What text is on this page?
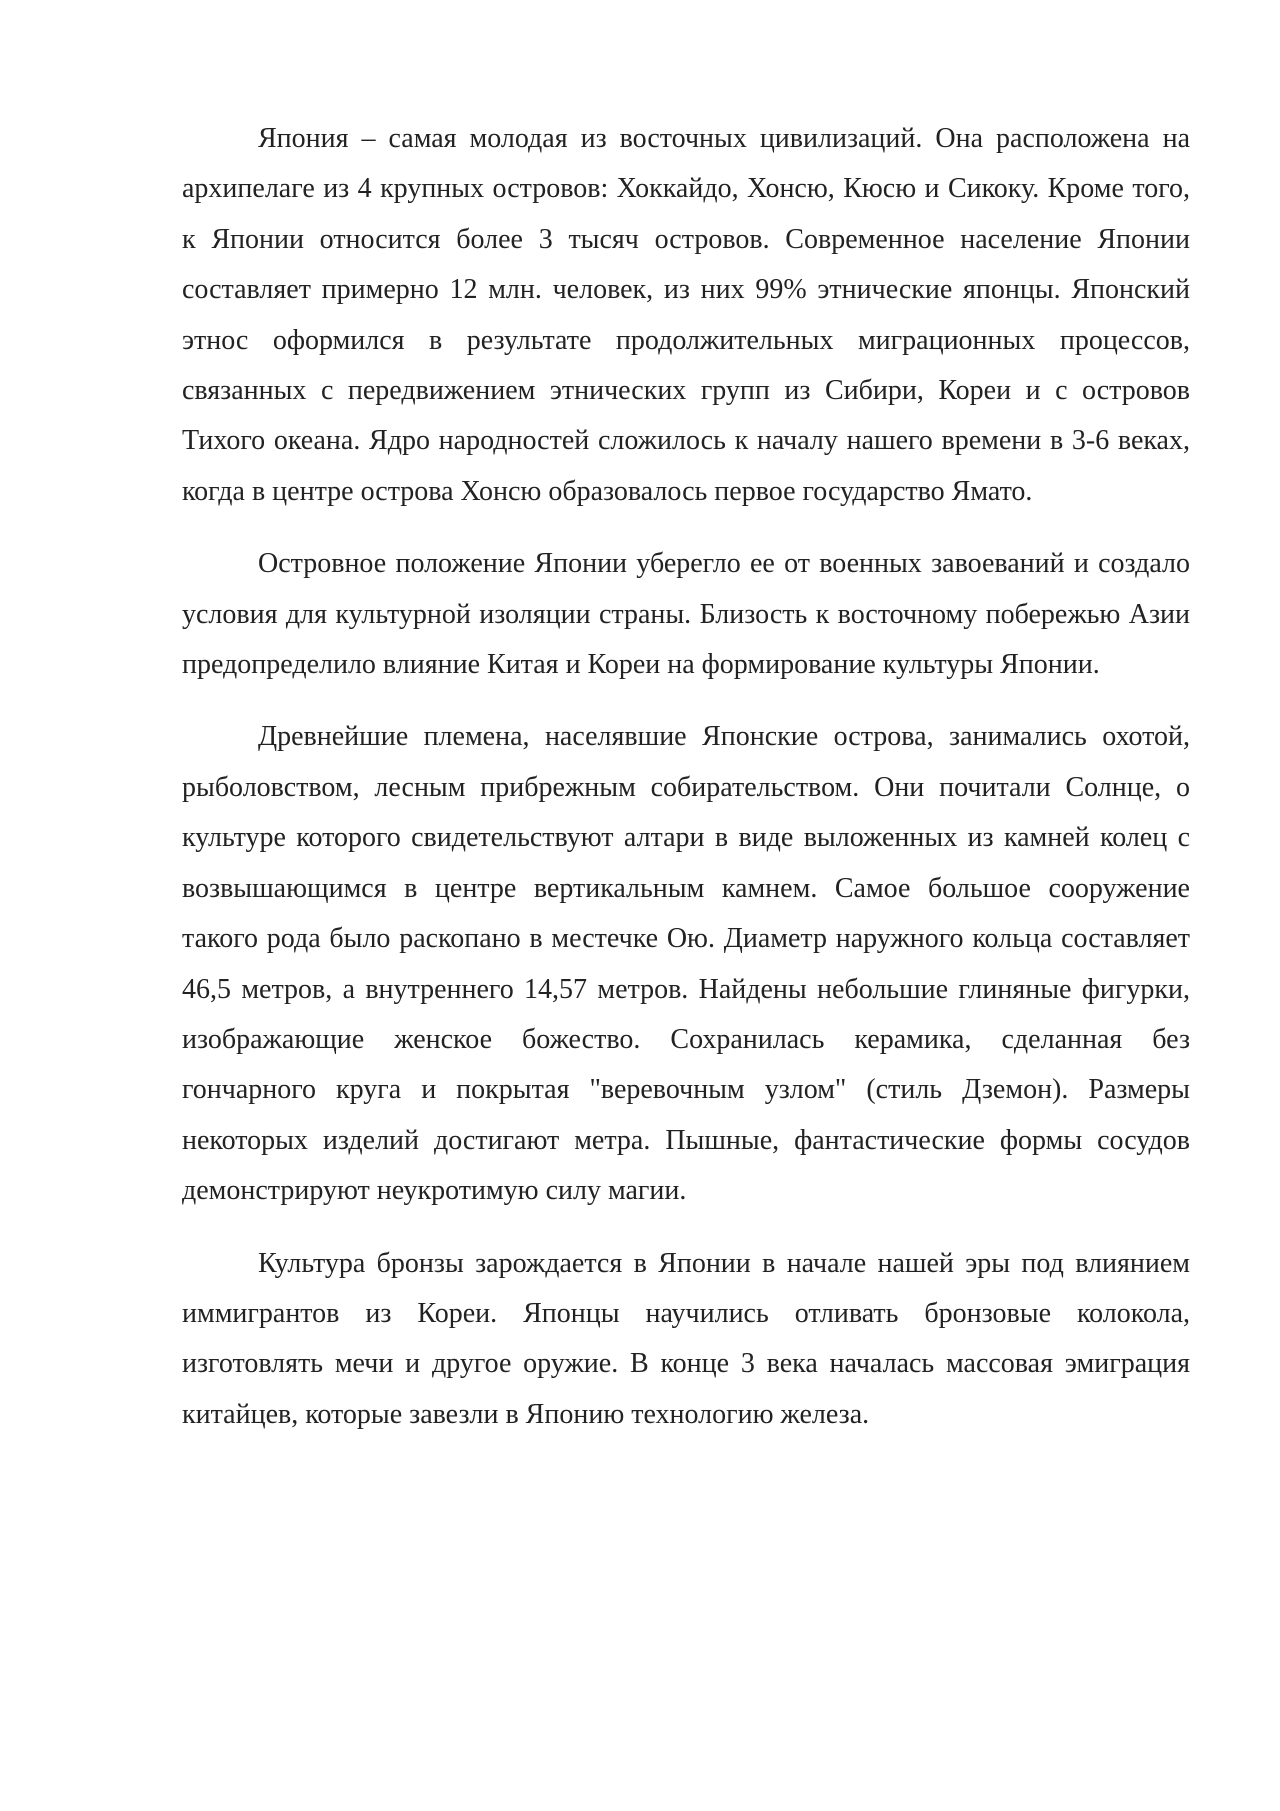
Япония – самая молодая из восточных цивилизаций. Она расположена на архипелаге из 4 крупных островов: Хоккайдо, Хонсю, Кюсю и Сикоку. Кроме того, к Японии относится более 3 тысяч островов. Современное население Японии составляет примерно 12 млн. человек, из них 99% этнические японцы. Японский этнос оформился в результате продолжительных миграционных процессов, связанных с передвижением этнических групп из Сибири, Кореи и с островов Тихого океана. Ядро народностей сложилось к началу нашего времени в 3-6 веках, когда в центре острова Хонсю образовалось первое государство Ямато.

Островное положение Японии уберегло ее от военных завоеваний и создало условия для культурной изоляции страны. Близость к восточному побережью Азии предопределило влияние Китая и Кореи на формирование культуры Японии.

Древнейшие племена, населявшие Японские острова, занимались охотой, рыболовством, лесным прибрежным собирательством. Они почитали Солнце, о культуре которого свидетельствуют алтари в виде выложенных из камней колец с возвышающимся в центре вертикальным камнем. Самое большое сооружение такого рода было раскопано в местечке Ою. Диаметр наружного кольца составляет 46,5 метров, а внутреннего 14,57 метров. Найдены небольшие глиняные фигурки, изображающие женское божество. Сохранилась керамика, сделанная без гончарного круга и покрытая "веревочным узлом" (стиль Дземон). Размеры некоторых изделий достигают метра. Пышные, фантастические формы сосудов демонстрируют неукротимую силу магии.

Культура бронзы зарождается в Японии в начале нашей эры под влиянием иммигрантов из Кореи. Японцы научились отливать бронзовые колокола, изготовлять мечи и другое оружие. В конце 3 века началась массовая эмиграция китайцев, которые завезли в Японию технологию железа.
